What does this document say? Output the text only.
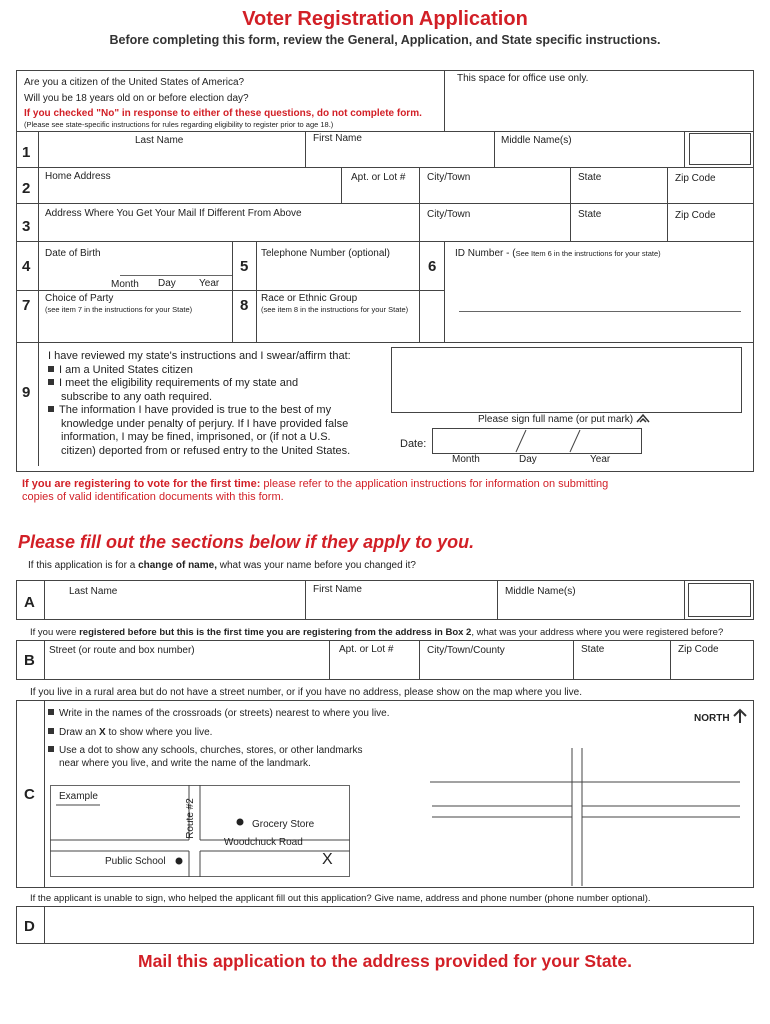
Voter Registration Application
Before completing this form, review the General, Application, and State specific instructions.
Are you a citizen of the United States of America?
Will you be 18 years old on or before election day?
If you checked "No" in response to either of these questions, do not complete form.
(Please see state-specific instructions for rules regarding eligibility to register prior to age 18.)
This space for office use only.
1
Last Name	First Name	Middle Name(s)
2
Home Address	Apt. or Lot # City/Town	State	Zip Code
3
Address Where You Get Your Mail If Different From Above	City/Town	State	Zip Code
4
Date of Birth
Month Day Year
5
Telephone Number (optional)
6
ID Number - (See Item 6 in the instructions for your state)
7 Choice of Party
(see item 7 in the instructions for your State)	8 Race or Ethnic Group
(see item 8 in the instructions for your State)
9
I have reviewed my state's instructions and I swear/affirm that:
I am a United States citizen
I meet the eligibility requirements of my state and
subscribe to any oath required.
The information I have provided is true to the best of my
knowledge under penalty of perjury. If I have provided false
information, I may be fined, imprisoned, or (if not a U.S.
citizen) deported from or refused entry to the United States.
Please sign full name (or put mark)
Date:
Month	Day	Year
If you are registering to vote for the first time: please refer to the application instructions for information on submitting
copies of valid identification documents with this form.
Please fill out the sections below if they apply to you.
If this application is for a change of name, what was your name before you changed it?
A
Last Name	First Name	Middle Name(s)
If you were registered before but this is the first time you are registering from the address in Box 2, what was your address where you were registered before?
B
Street (or route and box number)	Apt. or Lot #	City/Town/County	State	Zip Code
If you live in a rural area but do not have a street number, or if you have no address, please show on the map where you live.
C
Write in the names of the crossroads (or streets) nearest to where you live.
Draw an X to show where you live.
Use a dot to show any schools, churches, stores, or other landmarks
near where you live, and write the name of the landmark.
NORTH
Example
Route #2	Grocery Store
Woodchuck Road
Public School	X
If the applicant is unable to sign, who helped the applicant fill out this application? Give name, address and phone number (phone number optional).
D
Mail this application to the address provided for your State.
